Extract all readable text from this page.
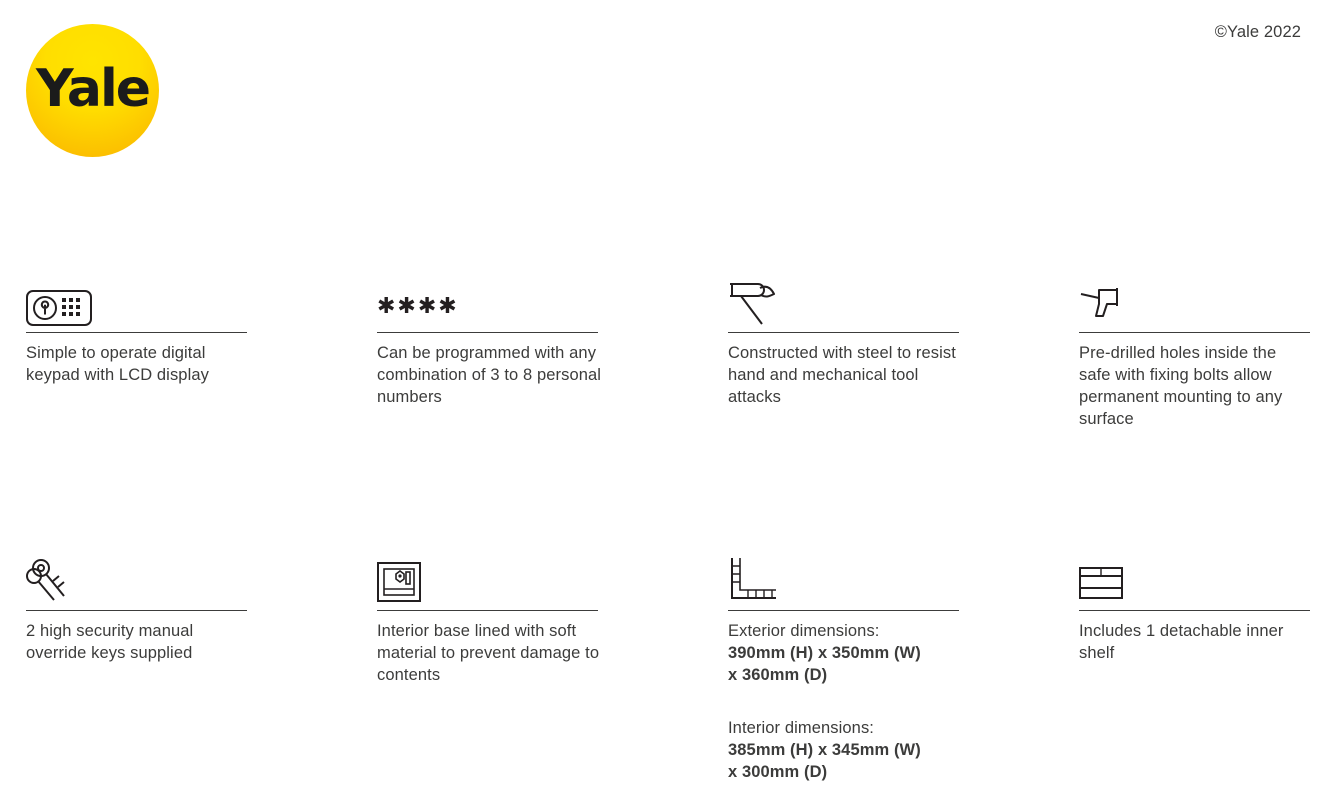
Yale
©Yale 2022
Simple to operate digital keypad with LCD display
✱✱✱✱
Can be programmed with any combination of 3 to 8 personal numbers
Constructed with steel to resist hand and mechanical tool attacks
Pre-drilled holes inside the safe with fixing bolts allow permanent mounting to any surface
2 high security manual override keys supplied
Interior base lined with soft material to prevent damage to contents
Exterior dimensions:
390mm (H) x 350mm (W)
x 360mm (D)
Interior dimensions:
385mm (H) x 345mm (W)
x 300mm (D)
Includes 1 detachable inner shelf
